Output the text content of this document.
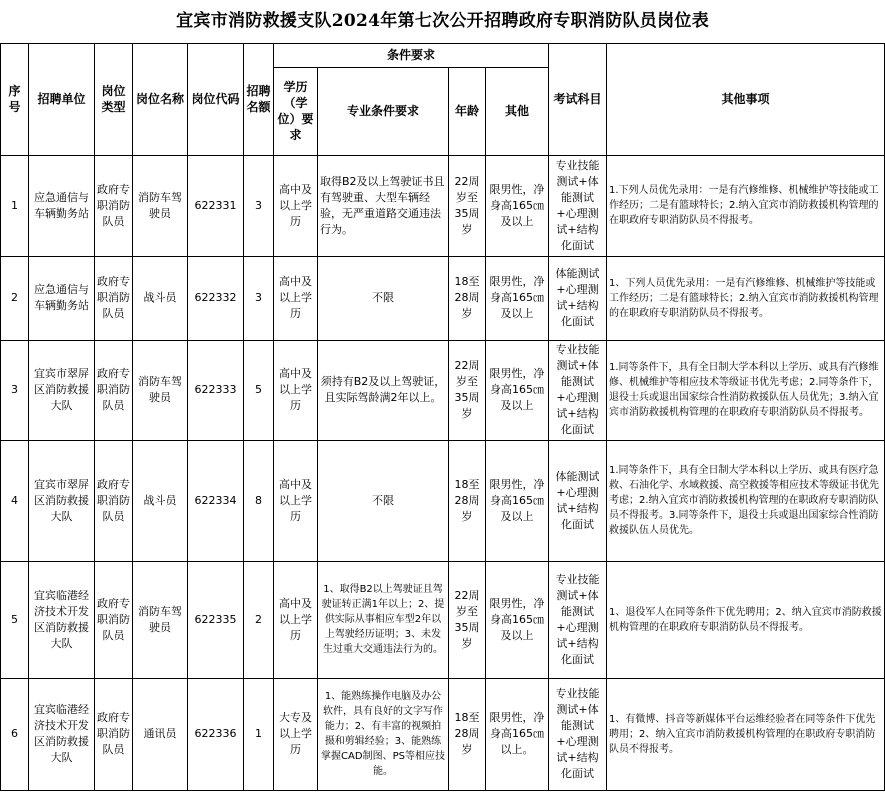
宜宾市消防救援支队2024年第七次公开招聘政府专职消防队员岗位表											
序号	招聘单位	岗位类型	岗位名称	岗位代码	招聘名额	条件要求				考试科目	其他事项
						学历（学位）要求	专业条件要求	年龄	其他		
1	应急通信与车辆勤务站	政府专职消防队员	消防车驾驶员	622331	3	高中及以上学历	取得B2及以上驾驶证书且有驾驶重、大型车辆经验，无严重道路交通违法行为。	22周岁至35周岁	限男性，净身高165㎝及以上	专业技能测试+体能测试+心理测试+结构化面试	1.下列人员优先录用：一是有汽修维修、机械维护等技能或工作经历；二是有篮球特长；2.纳入宜宾市消防救援机构管理的在职政府专职消防队员不得报考。
2	应急通信与车辆勤务站	政府专职消防队员	战斗员	622332	3	高中及以上学历	不限	18至28周岁	限男性，净身高165㎝及以上	体能测试+心理测试+结构化面试	1、下列人员优先录用：一是有汽修维修、机械维护等技能或工作经历；二是有篮球特长；2.纳入宜宾市消防救援机构管理的在职政府专职消防队员不得报考。
3	宜宾市翠屏区消防救援大队	政府专职消防队员	消防车驾驶员	622333	5	高中及以上学历	须持有B2及以上驾驶证，且实际驾龄满2年以上。	22周岁至35周岁	限男性，净身高165㎝及以上	专业技能测试+体能测试+心理测试+结构化面试	1.同等条件下，具有全日制大学本科以上学历、或具有汽修维修、机械维护等相应技术等级证书优先考虑；2.同等条件下，退役士兵或退出国家综合性消防救援队伍人员优先；3.纳入宜宾市消防救援机构管理的在职政府专职消防队员不得报考。
4	宜宾市翠屏区消防救援大队	政府专职消防队员	战斗员	622334	8	高中及以上学历	不限	18至28周岁	限男性，净身高165㎝及以上	体能测试+心理测试+结构化面试	1.同等条件下，具有全日制大学本科以上学历、或具有医疗急救、石油化学、水域救援、高空救援等相应技术等级证书优先考虑；2.纳入宜宾市消防救援机构管理的在职政府专职消防队员不得报考。3.同等条件下，退役士兵或退出国家综合性消防救援队伍人员优先。
5	宜宾临港经济技术开发区消防救援大队	政府专职消防队员	消防车驾驶员	622335	2	高中及以上学历	1、取得B2以上驾驶证且驾驶证转正满1年以上；2、提供实际从事相应车型2年以上驾驶经历证明；3、未发生过重大交通违法行为的。	22周岁至35周岁	限男性，净身高165㎝及以上	专业技能测试+体能测试+心理测试+结构化面试	1、退役军人在同等条件下优先聘用；2、纳入宜宾市消防救援机构管理的在职政府专职消防队员不得报考。
6	宜宾临港经济技术开发区消防救援大队	政府专职消防队员	通讯员	622336	1	大专及以上学历	1、能熟练操作电脑及办公软件，具有良好的文字写作能力；2、有丰富的视频拍摄和剪辑经验；3、能熟练掌握CAD制图、PS等相应技能。	18至28周岁	限男性，净身高165㎝以上。	专业技能测试+体能测试+心理测试+结构化面试	1、有微博、抖音等新媒体平台运维经验者在同等条件下优先聘用；2、纳入宜宾市消防救援机构管理的在职政府专职消防队员不得报考。
